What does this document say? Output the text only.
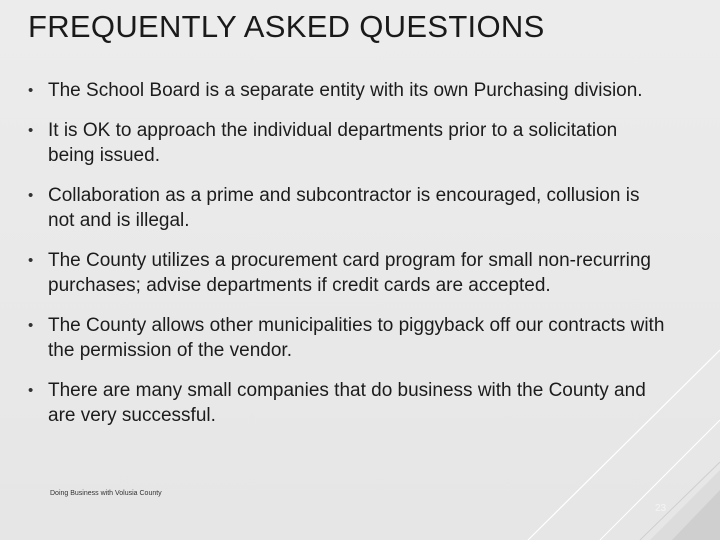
FREQUENTLY ASKED QUESTIONS
• The School Board is a separate entity with its own Purchasing division.
• It is OK to approach the individual departments prior to a solicitation being issued.
• Collaboration as a prime and subcontractor is encouraged, collusion is not and is illegal.
• The County utilizes a procurement card program for small non-recurring purchases; advise departments if credit cards are accepted.
• The County allows other municipalities to piggyback off our contracts with the permission of the vendor.
• There are many small companies that do business with the County and are very successful.
Doing Business with Volusia County
23
